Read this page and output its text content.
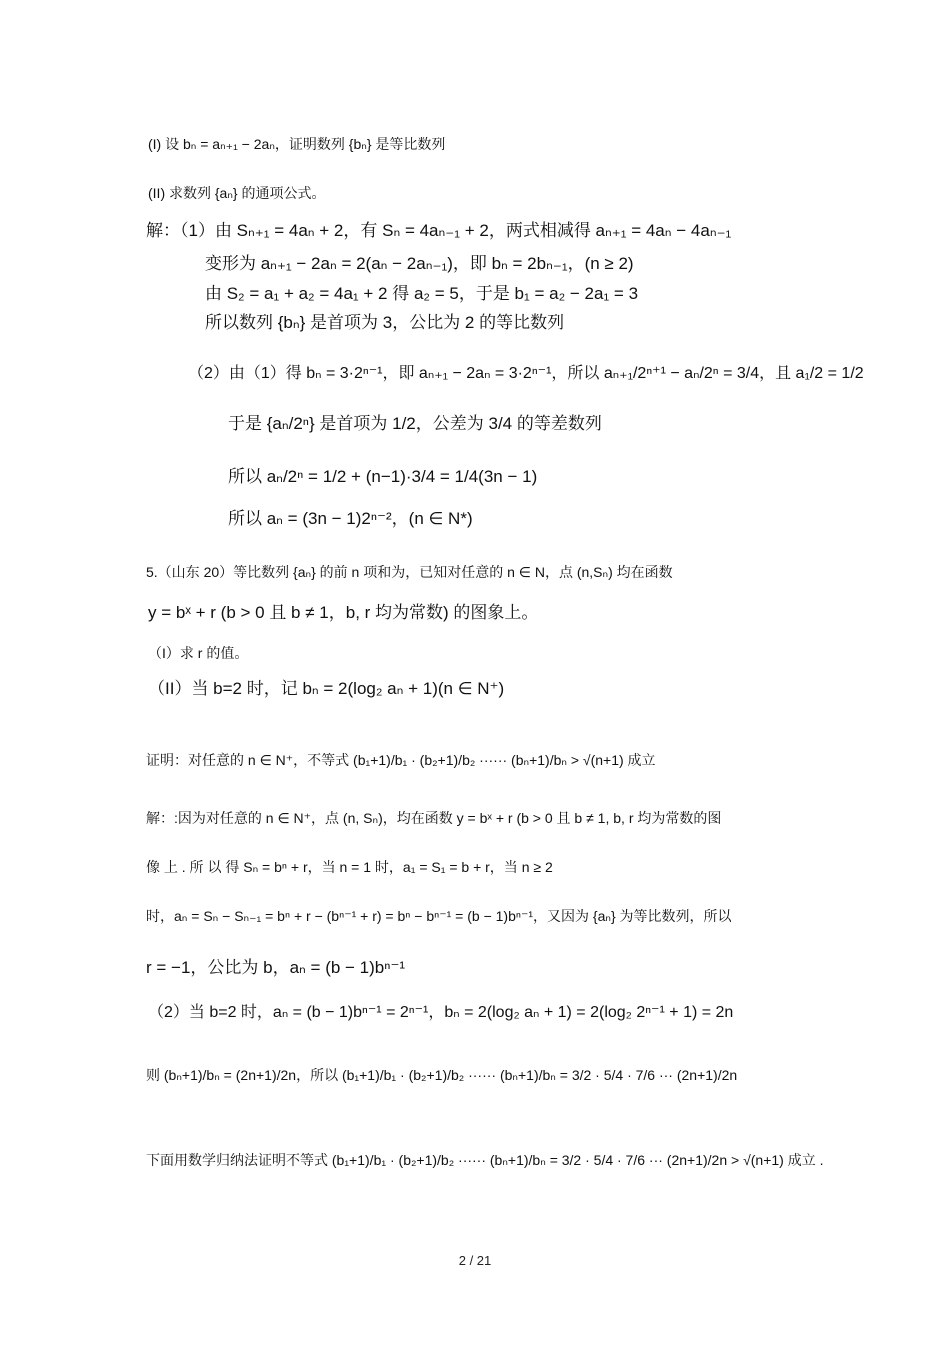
(I) 设 bₙ = aₙ₊₁ − 2aₙ，证明数列 {bₙ} 是等比数列
(II) 求数列 {aₙ} 的通项公式。
解：（1）由 Sₙ₊₁ = 4aₙ + 2，有 Sₙ = 4aₙ₋₁ + 2，两式相减得 aₙ₊₁ = 4aₙ − 4aₙ₋₁
变形为 aₙ₊₁ − 2aₙ = 2(aₙ − 2aₙ₋₁)，即 bₙ = 2bₙ₋₁，(n ≥ 2)
由 S₂ = a₁ + a₂ = 4a₁ + 2 得 a₂ = 5，于是 b₁ = a₂ − 2a₁ = 3
所以数列 {bₙ} 是首项为 3，公比为 2 的等比数列
（2）由（1）得 bₙ = 3·2ⁿ⁻¹，即 aₙ₊₁ − 2aₙ = 3·2ⁿ⁻¹，所以 aₙ₊₁/2ⁿ⁺¹ − aₙ/2ⁿ = 3/4，且 a₁/2 = 1/2
于是 {aₙ/2ⁿ} 是首项为 1/2，公差为 3/4 的等差数列
所以 aₙ/2ⁿ = 1/2 + (n−1)·3/4 = 1/4(3n − 1)
所以 aₙ = (3n − 1)2ⁿ⁻²，(n ∈ N*)
5.（山东 20）等比数列 {aₙ} 的前 n 项和为，已知对任意的 n ∈ N，点 (n,Sₙ) 均在函数
y = bˣ + r (b > 0 且 b ≠ 1，b, r 均为常数) 的图象上。
（I）求 r 的值。
（II）当 b=2 时，记 bₙ = 2(log₂ aₙ + 1)(n ∈ N⁺)
证明：对任意的 n ∈ N⁺，不等式 (b₁+1)/b₁ · (b₂+1)/b₂ ······ (bₙ+1)/bₙ > √(n+1) 成立
解：:因为对任意的 n ∈ N⁺，点 (n, Sₙ)，均在函数 y = bˣ + r (b > 0 且 b ≠ 1, b, r 均为常数的图
像 上 . 所 以 得 Sₙ = bⁿ + r，当 n = 1 时，a₁ = S₁ = b + r，当 n ≥ 2
时，aₙ = Sₙ − Sₙ₋₁ = bⁿ + r − (bⁿ⁻¹ + r) = bⁿ − bⁿ⁻¹ = (b − 1)bⁿ⁻¹，又因为 {aₙ} 为等比数列，所以
r = −1，公比为 b，aₙ = (b − 1)bⁿ⁻¹
（2）当 b=2 时，aₙ = (b − 1)bⁿ⁻¹ = 2ⁿ⁻¹，bₙ = 2(log₂ aₙ + 1) = 2(log₂ 2ⁿ⁻¹ + 1) = 2n
则 (bₙ+1)/bₙ = (2n+1)/2n，所以 (b₁+1)/b₁ · (b₂+1)/b₂ ······ (bₙ+1)/bₙ = 3/2 · 5/4 · 7/6 ··· (2n+1)/2n
下面用数学归纳法证明不等式 (b₁+1)/b₁ · (b₂+1)/b₂ ······ (bₙ+1)/bₙ = 3/2 · 5/4 · 7/6 ··· (2n+1)/2n > √(n+1) 成立 .
2 / 21
